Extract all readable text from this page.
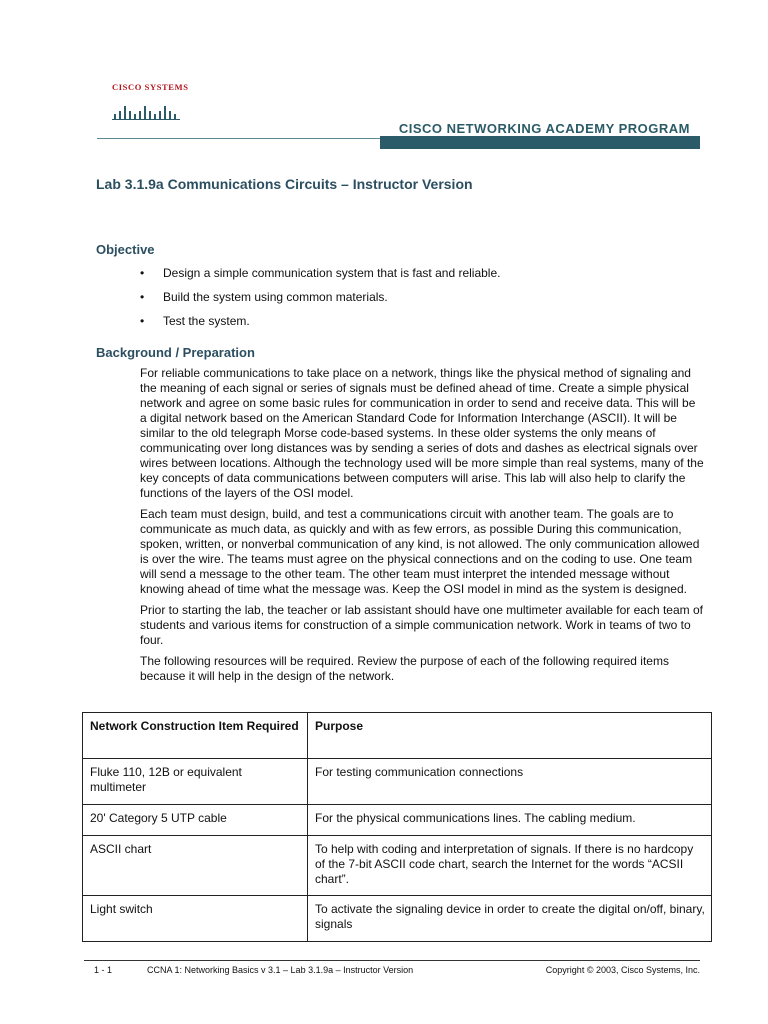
CISCO SYSTEMS
CISCO NETWORKING ACADEMY PROGRAM
Lab 3.1.9a Communications Circuits – Instructor Version
Objective
•	Design a simple communication system that is fast and reliable.
•	Build the system using common materials.
•	Test the system.
Background / Preparation

For reliable communications to take place on a network, things like the physical method of signaling and the meaning of each signal or series of signals must be defined ahead of time. Create a simple physical network and agree on some basic rules for communication in order to send and receive data. This will be a digital network based on the American Standard Code for Information Interchange (ASCII). It will be similar to the old telegraph Morse code-based systems. In these older systems the only means of communicating over long distances was by sending a series of dots and dashes as electrical signals over wires between locations. Although the technology used will be more simple than real systems, many of the key concepts of data communications between computers will arise. This lab will also help to clarify the functions of the layers of the OSI model.

Each team must design, build, and test a communications circuit with another team. The goals are to communicate as much data, as quickly and with as few errors, as possible During this communication, spoken, written, or nonverbal communication of any kind, is not allowed. The only communication allowed is over the wire. The teams must agree on the physical connections and on the coding to use. One team will send a message to the other team. The other team must interpret the intended message without knowing ahead of time what the message was. Keep the OSI model in mind as the system is designed.

Prior to starting the lab, the teacher or lab assistant should have one multimeter available for each team of students and various items for construction of a simple communication network. Work in teams of two to four.

The following resources will be required. Review the purpose of each of the following required items because it will help in the design of the network.

Network Construction Item Required	Purpose
Fluke 110, 12B or equivalent multimeter	For testing communication connections
20' Category 5 UTP cable	For the physical communications lines. The cabling medium.
ASCII chart	To help with coding and interpretation of signals. If there is no hardcopy of the 7-bit ASCII code chart, search the Internet for the words “ACSII chart”.
Light switch	To activate the signaling device in order to create the digital on/off, binary, signals
1 - 1	CCNA 1: Networking Basics v 3.1 – Lab 3.1.9a – Instructor Version	Copyright © 2003, Cisco Systems, Inc.
